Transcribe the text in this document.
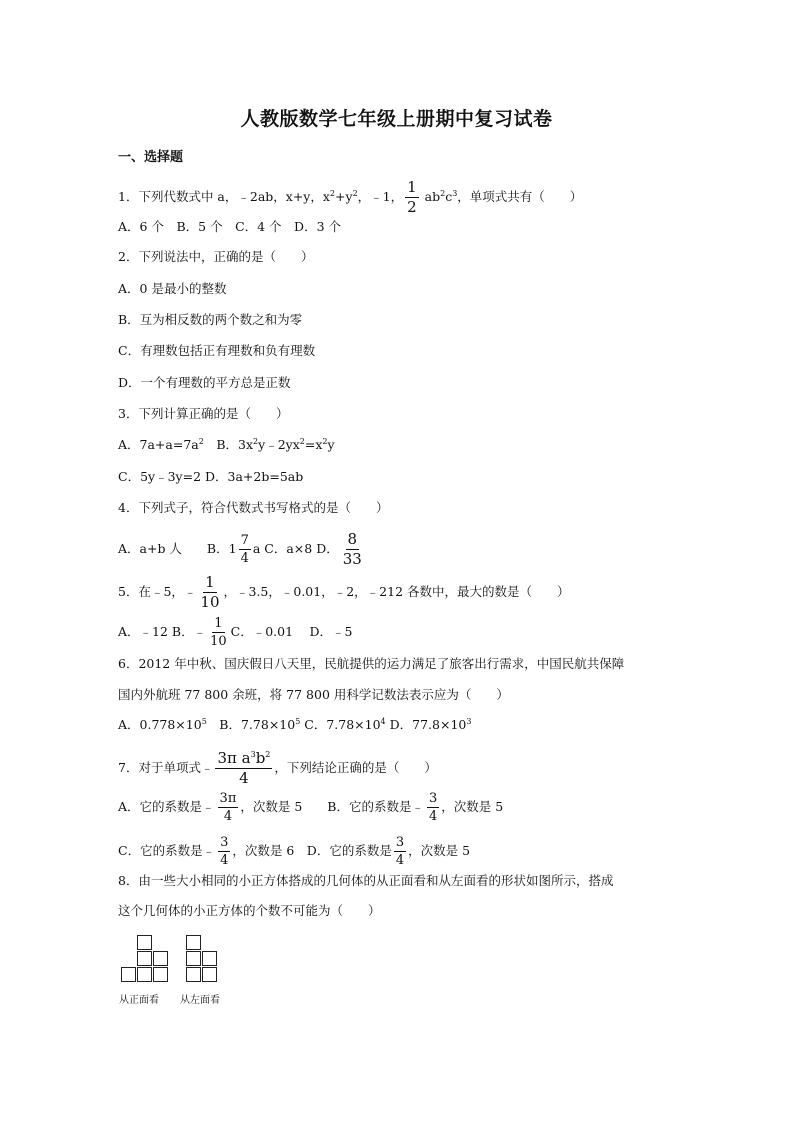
人教版数学七年级上册期中复习试卷
一、选择题
1．下列代数式中 a，﹣2ab，x+y，$x^2+y^2$，﹣1， $\frac{1}{2} ab^2c^3$，单项式共有（　　）
A．6 个　B．5 个　C．4 个　D．3 个
2．下列说法中，正确的是（　　）
A．0 是最小的整数
B．互为相反数的两个数之和为零
C．有理数包括正有理数和负有理数
D．一个有理数的平方总是正数
3．下列计算正确的是（　　）
A．$7a+a=7a^2$　B．$3x^2y﹣2yx^2=x^2y$
C．5y﹣3y=2 D．3a+2b=5ab
4．下列式子，符合代数式书写格式的是（　　）
A．a+b 人　　B．$1 \frac{7}{4}$ a C．a×8 D． $\frac{8}{33}$
5．在﹣5，﹣ $\frac{1}{10}$ ，﹣3.5，﹣0.01，﹣2，﹣212 各数中，最大的数是（　　）
A．﹣12 B．﹣ $\frac{1}{10}$ C．﹣0.01　 D．﹣5
6．2012 年中秋、国庆假日八天里，民航提供的运力满足了旅客出行需求，中国民航共保障
国内外航班 77 800 余班，将 77 800 用科学记数法表示应为（　　）
A．$0.778\times 10^5$　B．$7.78\times 10^5$ C．$7.78\times 10^4$ D．$77.8\times 10^3$
7．对于单项式﹣ $\frac{3\pi a^3b^2}{4}$ ，下列结论正确的是（　　）
A．它的系数是﹣ $\frac{3\pi}{4}$ ，次数是 5　　B．它的系数是﹣ $\frac{3}{4}$ ，次数是 5
C．它的系数是﹣ $\frac{3}{4}$ ，次数是 6　D．它的系数是 $\frac{3}{4}$ ，次数是 5
8．由一些大小相同的小正方体搭成的几何体的从正面看和从左面看的形状如图所示，搭成
这个几何体的小正方体的个数不可能为（　　）
从正面看 从左面看
